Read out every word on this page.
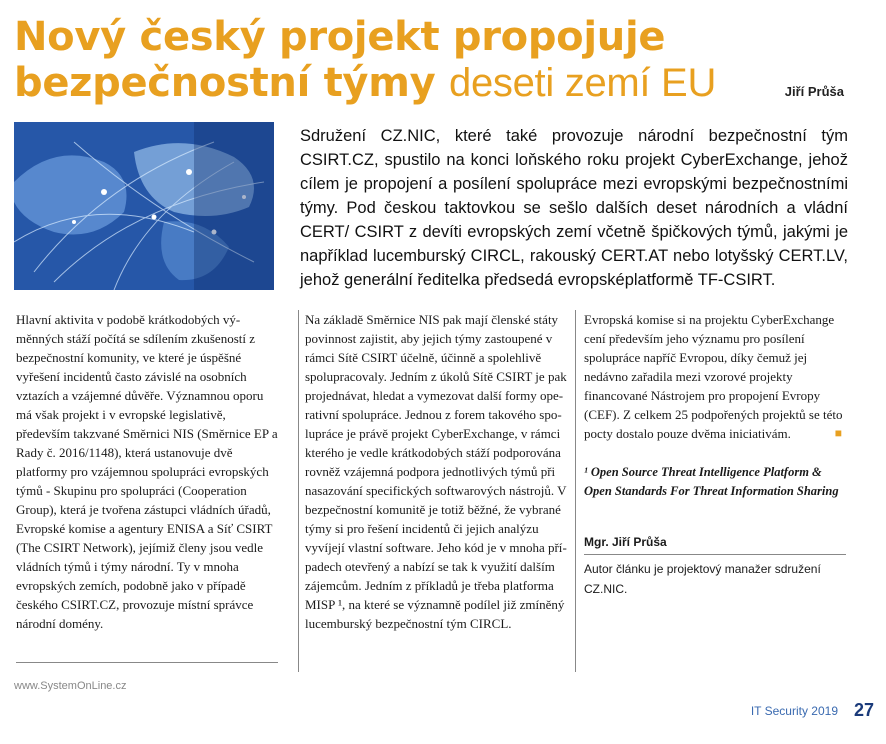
Nový český projekt propojuje bezpečnostní týmy deseti zemí EU	Jiří Průša

Sdružení CZ.NIC, které také provozuje národní bezpečnostní tým CSIRT.CZ, spustilo na konci loňského roku projekt CyberExchange, jehož cílem je propojení a posílení spolupráce mezi evropskými bezpečnostními týmy. Pod českou taktovkou se sešlo dalších deset národních a vládní CERT/ CSIRT z devíti evropských zemí včetně špičkových týmů, jakými je například lucemburský CIRCL, rakouský CERT.AT nebo lotyšský CERT.LV, jehož generální ředitelka předsedá evropsképlatformě TF-CSIRT.

Hlavní aktivita v podobě krátkodobých výměnných stáží počítá se sdílením zkušeností z bezpečnostní komunity, ve které je úspěšné vyřešení incidentů často závislé na osobních vztazích a vzájemné důvěře. Významnou oporu má však projekt i v evropské legislativě, především takzvané Směrnici NIS (Směrnice EP a Rady č. 2016/1148), která ustanovuje dvě platformy pro vzájemnou spolupráci evropských týmů - Skupinu pro spolupráci (Cooperation Group), která je tvořena zástupci vládních úřadů, Evropské komise a agentury ENISA a Síť CSIRT (The CSIRT Network), jejímiž členy jsou vedle vládních týmů i týmy národní. Ty v mnoha evropských zemích, podobně jako v případě českého CSIRT.CZ, provozuje místní správce národní domény.

Na základě Směrnice NIS pak mají členské státy povinnost zajistit, aby jejich týmy zastoupené v rámci Sítě CSIRT účelně, účinně a spolehlivě spolupracovaly. Jedním z úkolů Sítě CSIRT je pak projednávat, hledat a vymezovat další formy operativní spolupráce. Jednou z forem takového spolupráce je právě projekt CyberExchange, v rámci kterého je vedle krátkodobých stáží podporována rovněž vzájemná podpora jednotlivých týmů při nasazování specifických softwarových nástrojů. V bezpečnostní komunitě je totiž běžné, že vybrané týmy si pro řešení incidentů či jejich analýzu vyvíjejí vlastní software. Jeho kód je v mnoha případech otevřený a nabízí se tak k využití dalším zájemcům. Jedním z příkladů je třeba platforma MISP ¹, na které se významně podílel již zmíněný lucemburský bezpečnostní tým CIRCL.

Evropská komise si na projektu CyberExchange cení především jeho významu pro posílení spolupráce napříč Evropou, díky čemuž jej nedávno zařadila mezi vzorové projekty financované Nástrojem pro propojení Evropy (CEF). Z celkem 25 podpořených projektů se této pocty dostalo pouze dvěma iniciativám.	■

¹ Open Source Threat Intelligence Platform & Open Standards For Threat Information Sharing
Mgr. Jiří Průša
Autor článku je projektový manažer sdružení CZ.NIC.
www.SystemOnLine.cz
IT Security 2019 27
